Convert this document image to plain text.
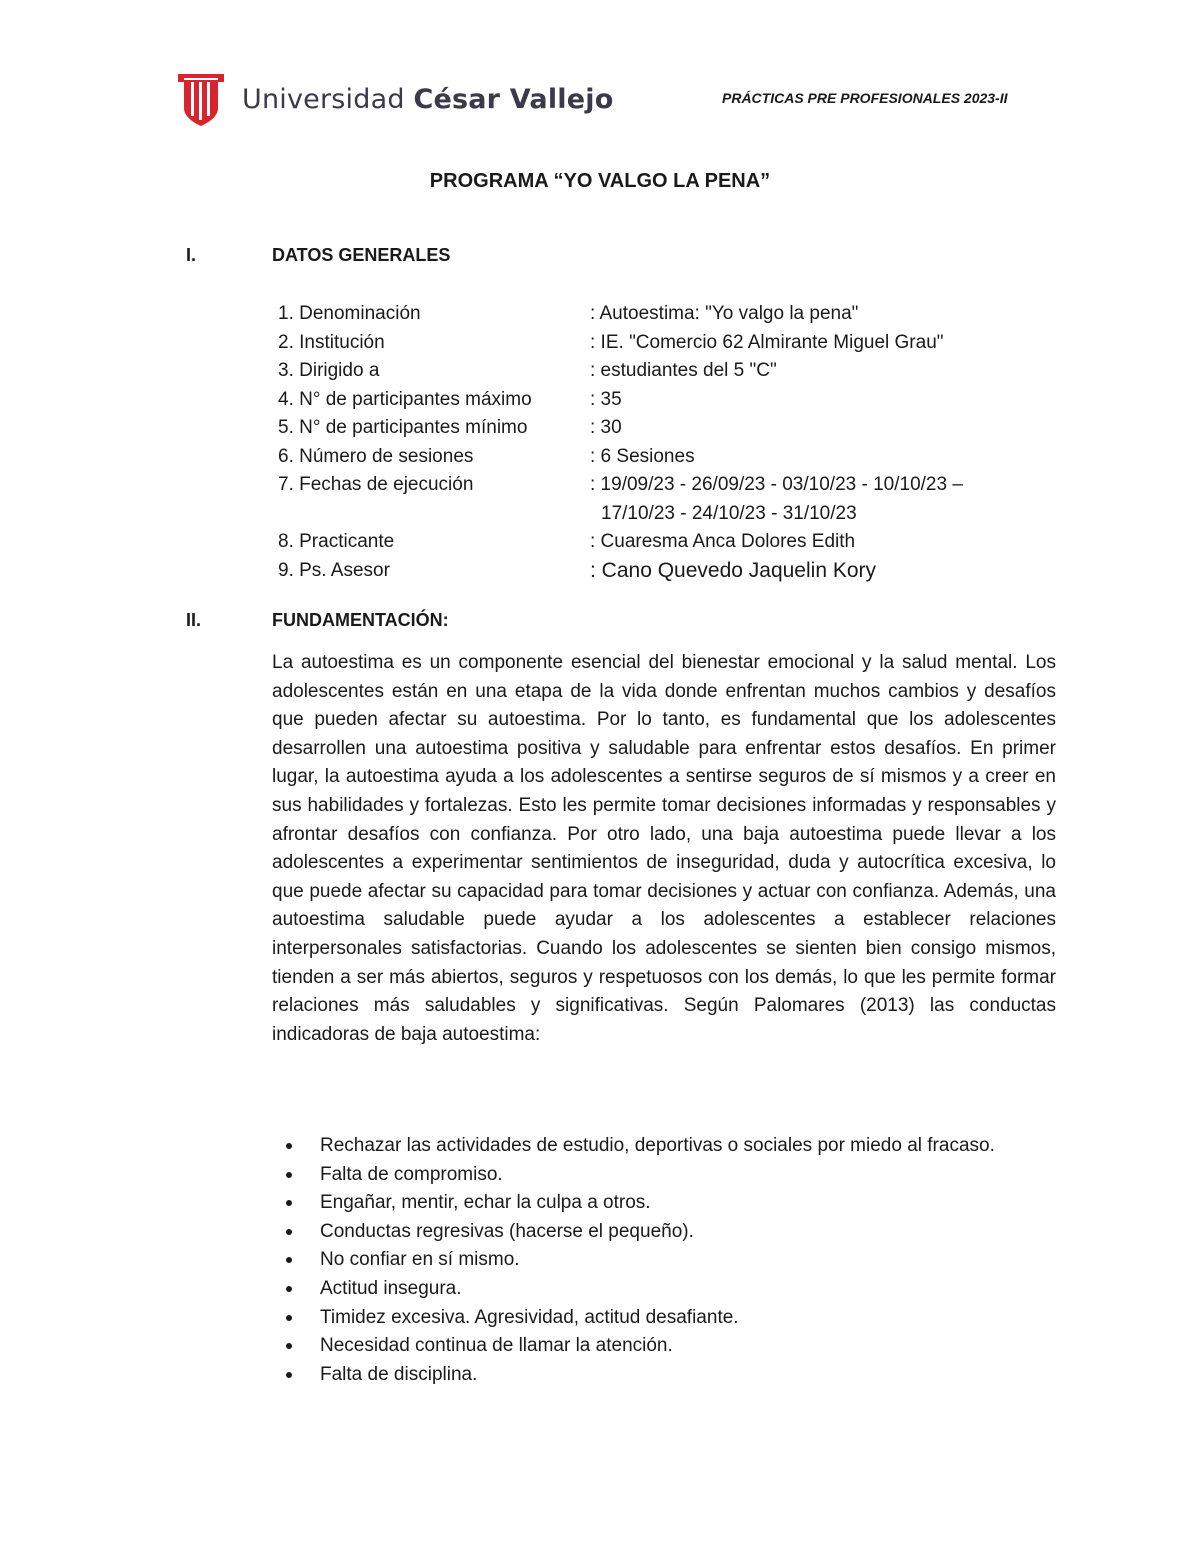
Universidad César Vallejo	PRÁCTICAS PRE PROFESIONALES 2023-II
PROGRAMA “YO VALGO LA PENA”
I.	DATOS GENERALES
1. Denominación	: Autoestima: "Yo valgo la pena"
2. Institución	: IE. "Comercio 62 Almirante Miguel Grau"
3. Dirigido a	: estudiantes del 5 "C"
4. N° de participantes máximo	: 35
5. N° de participantes mínimo	: 30
6. Número de sesiones	: 6 Sesiones
7. Fechas de ejecución	: 19/09/23 - 26/09/23 - 03/10/23 - 10/10/23 –
17/10/23 - 24/10/23 - 31/10/23
8. Practicante	: Cuaresma Anca Dolores Edith
9. Ps. Asesor	: Cano Quevedo Jaquelin Kory
II.	FUNDAMENTACIÓN:

La autoestima es un componente esencial del bienestar emocional y la salud mental. Los adolescentes están en una etapa de la vida donde enfrentan muchos cambios y desafíos que pueden afectar su autoestima. Por lo tanto, es fundamental que los adolescentes desarrollen una autoestima positiva y saludable para enfrentar estos desafíos. En primer lugar, la autoestima ayuda a los adolescentes a sentirse seguros de sí mismos y a creer en sus habilidades y fortalezas. Esto les permite tomar decisiones informadas y responsables y afrontar desafíos con confianza. Por otro lado, una baja autoestima puede llevar a los adolescentes a experimentar sentimientos de inseguridad, duda y autocrítica excesiva, lo que puede afectar su capacidad para tomar decisiones y actuar con confianza. Además, una autoestima saludable puede ayudar a los adolescentes a establecer relaciones interpersonales satisfactorias. Cuando los adolescentes se sienten bien consigo mismos, tienden a ser más abiertos, seguros y respetuosos con los demás, lo que les permite formar relaciones más saludables y significativas. Según Palomares (2013) las conductas indicadoras de baja autoestima:

Rechazar las actividades de estudio, deportivas o sociales por miedo al fracaso.
Falta de compromiso.
Engañar, mentir, echar la culpa a otros.
Conductas regresivas (hacerse el pequeño).
No confiar en sí mismo.
Actitud insegura.
Timidez excesiva. Agresividad, actitud desafiante.
Necesidad continua de llamar la atención.
Falta de disciplina.
